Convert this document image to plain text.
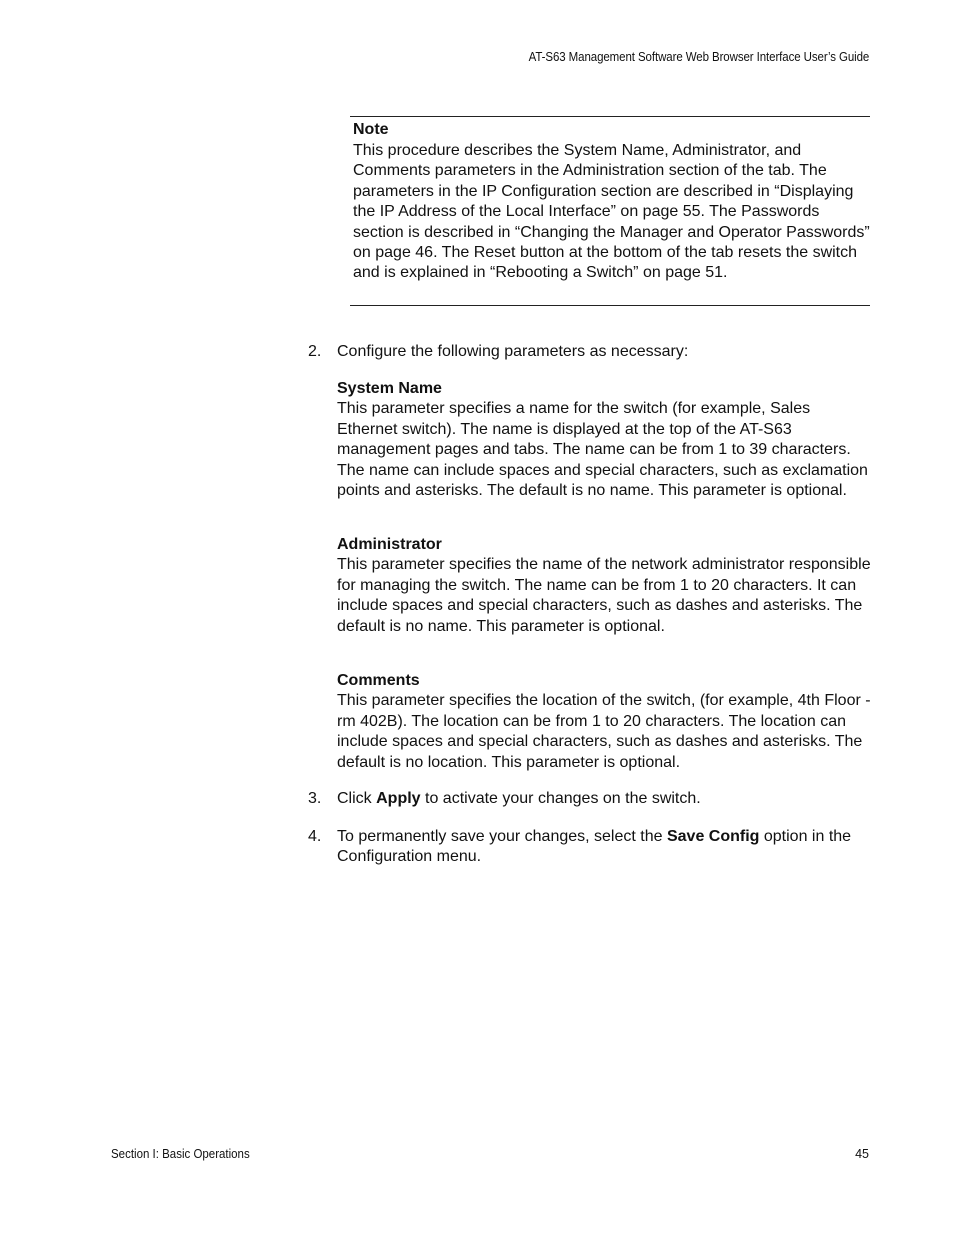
AT-S63 Management Software Web Browser Interface User’s Guide
Note
This procedure describes the System Name, Administrator, and Comments parameters in the Administration section of the tab. The parameters in the IP Configuration section are described in “Displaying the IP Address of the Local Interface” on page 55. The Passwords section is described in “Changing the Manager and Operator Passwords” on page 46. The Reset button at the bottom of the tab resets the switch and is explained in “Rebooting a Switch” on page 51.
2. Configure the following parameters as necessary:
System Name
This parameter specifies a name for the switch (for example, Sales Ethernet switch). The name is displayed at the top of the AT-S63 management pages and tabs. The name can be from 1 to 39 characters. The name can include spaces and special characters, such as exclamation points and asterisks. The default is no name. This parameter is optional.
Administrator
This parameter specifies the name of the network administrator responsible for managing the switch. The name can be from 1 to 20 characters. It can include spaces and special characters, such as dashes and asterisks. The default is no name. This parameter is optional.
Comments
This parameter specifies the location of the switch, (for example, 4th Floor - rm 402B). The location can be from 1 to 20 characters. The location can include spaces and special characters, such as dashes and asterisks. The default is no location. This parameter is optional.
3. Click Apply to activate your changes on the switch.
4. To permanently save your changes, select the Save Config option in the Configuration menu.
Section I: Basic Operations	45
